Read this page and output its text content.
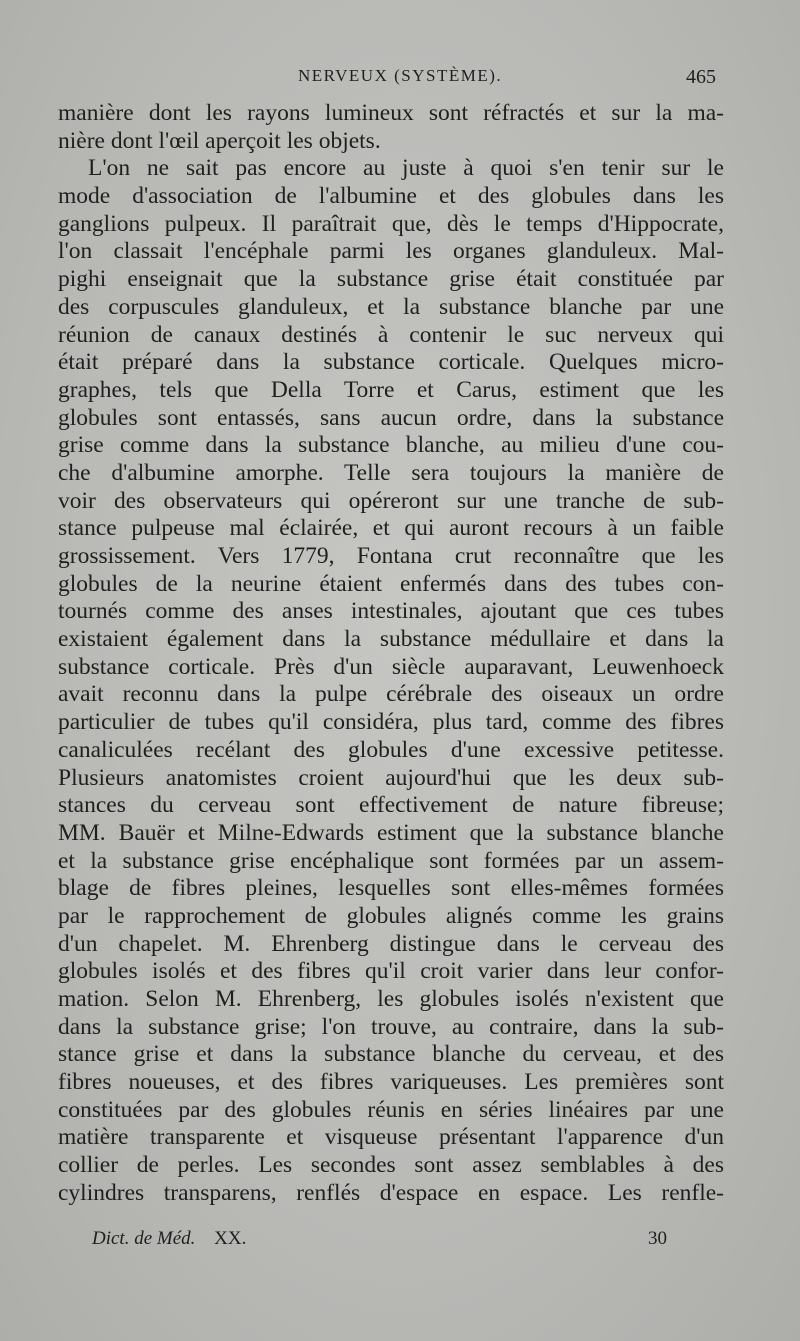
NERVEUX (SYSTÈME).	465
manière dont les rayons lumineux sont réfractés et sur la ma-
nière dont l'œil aperçoit les objets.
L'on ne sait pas encore au juste à quoi s'en tenir sur le
mode d'association de l'albumine et des globules dans les
ganglions pulpeux. Il paraîtrait que, dès le temps d'Hippocrate,
l'on classait l'encéphale parmi les organes glanduleux. Mal-
pighi enseignait que la substance grise était constituée par
des corpuscules glanduleux, et la substance blanche par une
réunion de canaux destinés à contenir le suc nerveux qui
était préparé dans la substance corticale. Quelques micro-
graphes, tels que Della Torre et Carus, estiment que les
globules sont entassés, sans aucun ordre, dans la substance
grise comme dans la substance blanche, au milieu d'une cou-
che d'albumine amorphe. Telle sera toujours la manière de
voir des observateurs qui opéreront sur une tranche de sub-
stance pulpeuse mal éclairée, et qui auront recours à un faible
grossissement. Vers 1779, Fontana crut reconnaître que les
globules de la neurine étaient enfermés dans des tubes con-
tournés comme des anses intestinales, ajoutant que ces tubes
existaient également dans la substance médullaire et dans la
substance corticale. Près d'un siècle auparavant, Leuwenhoeck
avait reconnu dans la pulpe cérébrale des oiseaux un ordre
particulier de tubes qu'il considéra, plus tard, comme des fibres
canaliculées recélant des globules d'une excessive petitesse.
Plusieurs anatomistes croient aujourd'hui que les deux sub-
stances du cerveau sont effectivement de nature fibreuse;
MM. Bauër et Milne-Edwards estiment que la substance blanche
et la substance grise encéphalique sont formées par un assem-
blage de fibres pleines, lesquelles sont elles-mêmes formées
par le rapprochement de globules alignés comme les grains
d'un chapelet. M. Ehrenberg distingue dans le cerveau des
globules isolés et des fibres qu'il croit varier dans leur confor-
mation. Selon M. Ehrenberg, les globules isolés n'existent que
dans la substance grise; l'on trouve, au contraire, dans la sub-
stance grise et dans la substance blanche du cerveau, et des
fibres noueuses, et des fibres variqueuses. Les premières sont
constituées par des globules réunis en séries linéaires par une
matière transparente et visqueuse présentant l'apparence d'un
collier de perles. Les secondes sont assez semblables à des
cylindres transparens, renflés d'espace en espace. Les renfle-
Dict. de Méd. XX.	30
